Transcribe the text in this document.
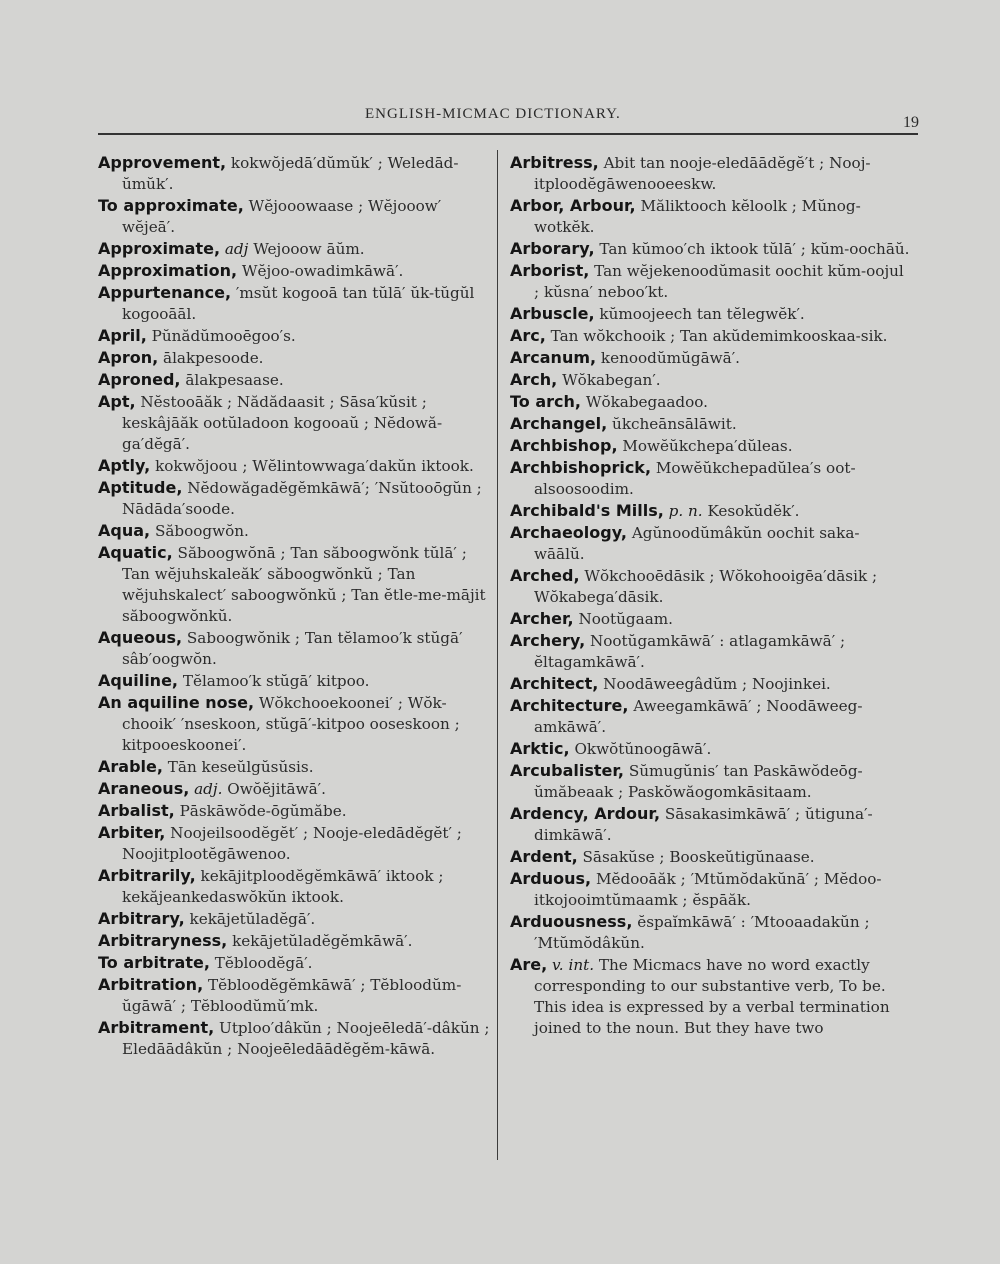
ENGLISH-MICMAC DICTIONARY.	19
Approvement, kokwŏjedā′dŭmŭk′ ; Weledād-ŭmŭk′.
To approximate, Wĕjooowaase ; Wĕjooow′ wĕjeā′.
Approximate, adj Wejooow āŭm.
Approximation, Wĕjoo-owadimkāwā′.
Appurtenance, ′msŭt kogooā tan tŭlā′ ŭk-tŭgŭl kogooāāl.
April, Pŭnădŭmooēgoo′s.
Apron, ālakpesoode.
Aproned, ālakpesaase.
Apt, Nĕstooāăk ; Nădădaasit ; Sāsa′kŭsit ; keskâjāăk ootŭladoon kogooaŭ ; Nĕdowă-ga′dĕgā′.
Aptly, kokwŏjoou ; Wĕlintowwaga′dakŭn iktook.
Aptitude, Nĕdowăgadĕgĕmkāwā′; ′Nsŭtooōgŭn ; Nādāda′soode.
Aqua, Săboogwŏn.
Aquatic, Săboogwŏnā ; Tan săboogwŏnk tŭlā′ ; Tan wĕjuhskaleăk′ săboogwŏnkŭ ; Tan wĕjuhskalect′ saboogwŏnkŭ ; Tan ĕtle-me-mājit săboogwŏnkŭ.
Aqueous, Saboogwŏnik ; Tan tĕlamoo′k stŭgā′ sâb′oogwŏn.
Aquiline, Tĕlamoo′k stŭgā′ kitpoo.
An aquiline nose, Wŏkchooekoonei′ ; Wŏk-chooik′ ′nseskoon, stŭgā′-kitpoo ooseskoon ; kitpooeskoonei′.
Arable, Tān keseŭlgŭsŭsis.
Araneous, adj. Owŏĕjitāwā′.
Arbalist, Pāskāwŏde-ōgŭmăbe.
Arbiter, Noojeilsoodĕgĕt′ ; Nooje-eledādĕgĕt′ ; Noojitplootĕgāwenoo.
Arbitrarily, kekājitploodĕgĕmkāwā′ iktook ; kekăjeankedaswŏkŭn iktook.
Arbitrary, kekājetŭladĕgā′.
Arbitraryness, kekājetŭladĕgĕmkāwā′.
To arbitrate, Tĕbloodĕgā′.
Arbitration, Tĕbloodĕgĕmkāwā′ ; Tĕbloodŭm-ŭgāwā′ ; Tĕbloodŭmŭ′mk.
Arbitrament, Utploo′dâkŭn ; Noojeēledā′-dâkŭn ; Eledāādâkŭn ; Noojeēledāādĕgĕm-kāwā.
Arbitress, Abit tan nooje-eledāādĕgĕ′t ; Nooj-itploodĕgāwenooeeskw.
Arbor, Arbour, Măliktooch kĕloolk ; Mŭnog-wotkĕk.
Arborary, Tan kŭmoo′ch iktook tŭlā′ ; kŭm-oochāŭ.
Arborist, Tan wĕjekenoodŭmasit oochit kŭm-oojul ; kŭsna′ neboo′kt.
Arbuscle, kŭmoojeech tan tĕlegwĕk′.
Arc, Tan wŏkchooik ; Tan akŭdemimkooskaa-sik.
Arcanum, kenoodŭmŭgāwā′.
Arch, Wŏkabegan′.
To arch, Wŏkabegaadoo.
Archangel, ŭkcheānsālāwit.
Archbishop, Mowĕŭkchepa′dŭleas.
Archbishoprick, Mowĕŭkchepadŭlea′s oot-alsoosoodim.
Archibald's Mills, p. n. Kesokŭdĕk′.
Archaeology, Agŭnoodŭmâkŭn oochit saka-wāālŭ.
Arched, Wŏkchooēdāsik ; Wŏkohooigēa′dāsik ; Wŏkabega′dāsik.
Archer, Nootŭgaam.
Archery, Nootŭgamkāwā′ : atlagamkāwā′ ; ĕltagamkāwā′.
Architect, Noodāweegâdŭm ; Noojinkei.
Architecture, Aweegamkāwā′ ; Noodāweeg-amkāwā′.
Arktic, Okwŏtŭnoogāwā′.
Arcubalister, Sŭmugŭnis′ tan Paskāwŏdeōg-ŭmăbeaak ; Paskŏwăogomkāsitaam.
Ardency, Ardour, Sāsakasimkāwā′ ; ŭtiguna′-dimkāwā′.
Ardent, Sāsakŭse ; Booskeŭtigŭnaase.
Arduous, Mĕdooāăk ; ′Mtŭmŏdakŭnā′ ; Mĕdoo-itkojooimtŭmaamk ; ĕspāăk.
Arduousness, ĕspaĭmkāwā′ : ′Mtooaadakŭn ; ′Mtŭmŏdâkŭn.
Are, v. int. The Micmacs have no word exactly corresponding to our substantive verb, To be. This idea is expressed by a verbal termination joined to the noun. But they have two
